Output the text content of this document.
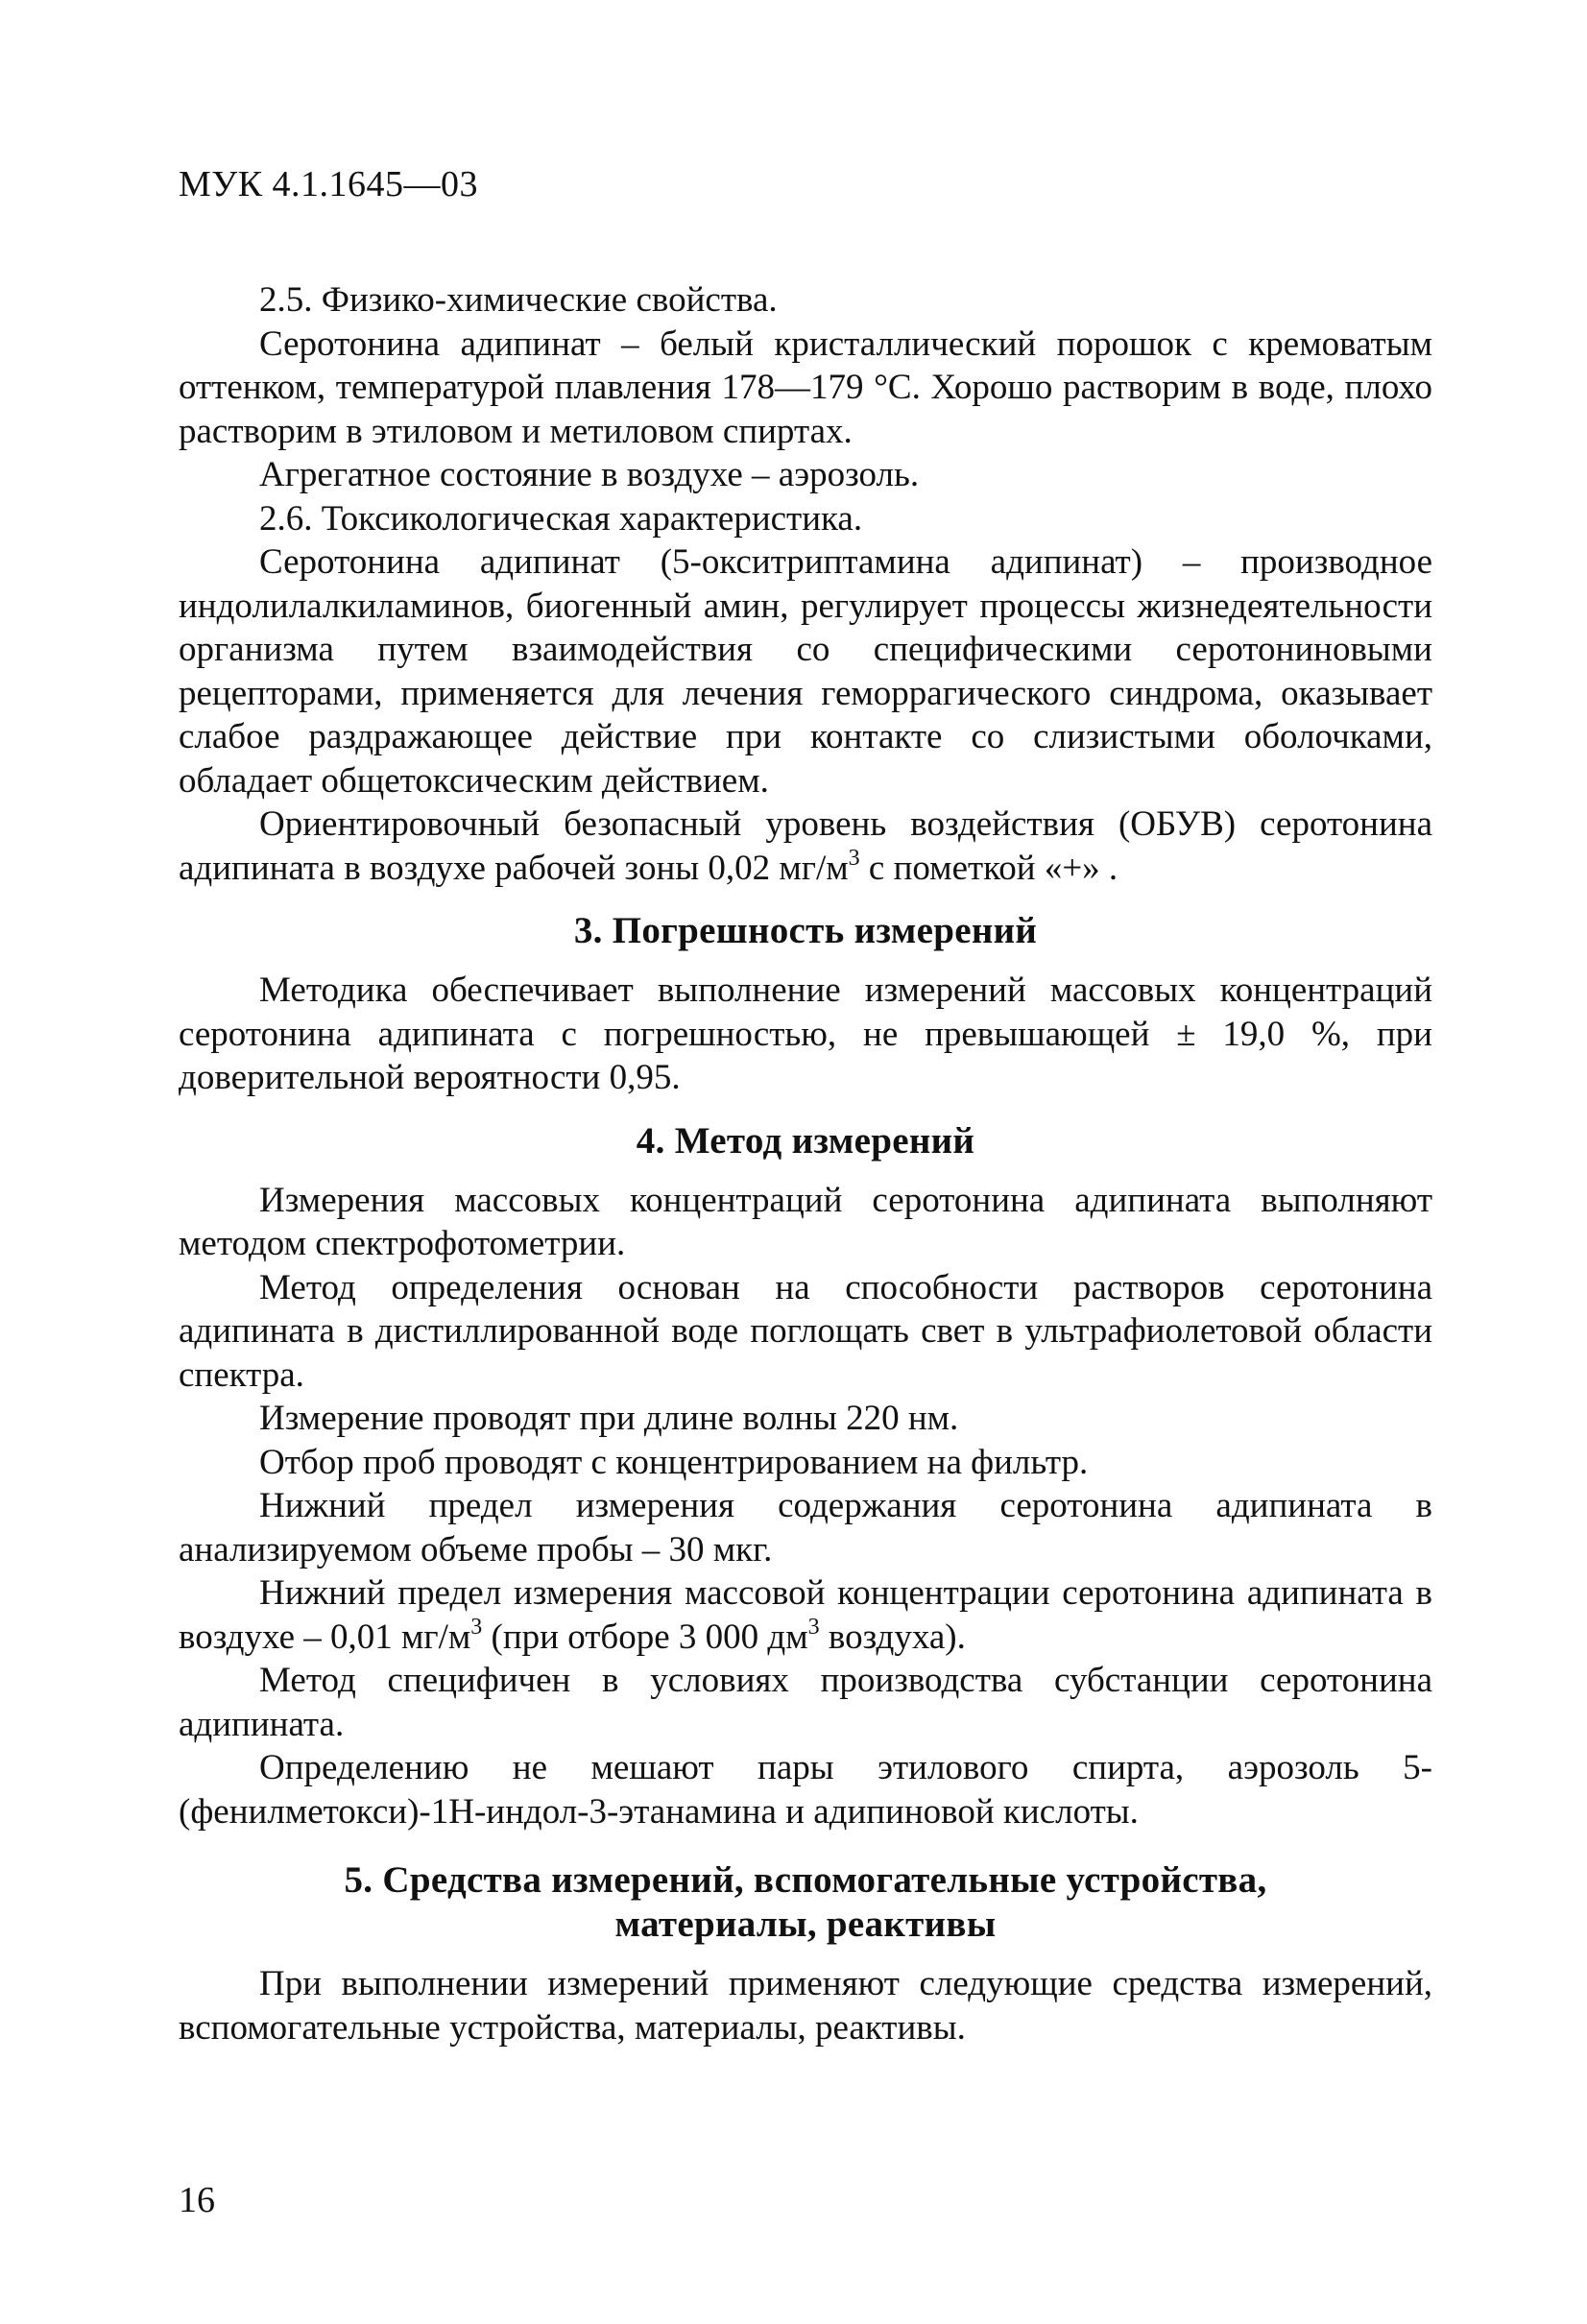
МУК 4.1.1645—03

2.5. Физико-химические свойства.

Серотонина адипинат – белый кристаллический порошок с кремоватым оттенком, температурой плавления 178—179 °С. Хорошо растворим в воде, плохо растворим в этиловом и метиловом спиртах.

Агрегатное состояние в воздухе – аэрозоль.

2.6. Токсикологическая характеристика.

Серотонина адипинат (5-окситриптамина адипинат) – производное индолилалкиламинов, биогенный амин, регулирует процессы жизнедеятельности организма путем взаимодействия со специфическими серотониновыми рецепторами, применяется для лечения геморрагического синдрома, оказывает слабое раздражающее действие при контакте со слизистыми оболочками, обладает общетоксическим действием.

Ориентировочный безопасный уровень воздействия (ОБУВ) серотонина адипината в воздухе рабочей зоны 0,02 $мг/м^3$ с пометкой «+» .

3. Погрешность измерений

Методика обеспечивает выполнение измерений массовых концентраций серотонина адипината с погрешностью, не превышающей ± 19,0 %, при доверительной вероятности 0,95.

4. Метод измерений

Измерения массовых концентраций серотонина адипината выполняют методом спектрофотометрии.

Метод определения основан на способности растворов серотонина адипината в дистиллированной воде поглощать свет в ультрафиолетовой области спектра.

Измерение проводят при длине волны 220 нм.

Отбор проб проводят с концентрированием на фильтр.

Нижний предел измерения содержания серотонина адипината в анализируемом объеме пробы – 30 мкг.

Нижний предел измерения массовой концентрации серотонина адипината в воздухе – 0,01 $мг/м^3$ (при отборе 3 000 $дм^3$ воздуха).

Метод специфичен в условиях производства субстанции серотонина адипината.

Определению не мешают пары этилового спирта, аэрозоль 5-(фенилметокси)-1Н-индол-3-этанамина и адипиновой кислоты.

5. Средства измерений, вспомогательные устройства,
материалы, реактивы

При выполнении измерений применяют следующие средства измерений, вспомогательные устройства, материалы, реактивы.

16
